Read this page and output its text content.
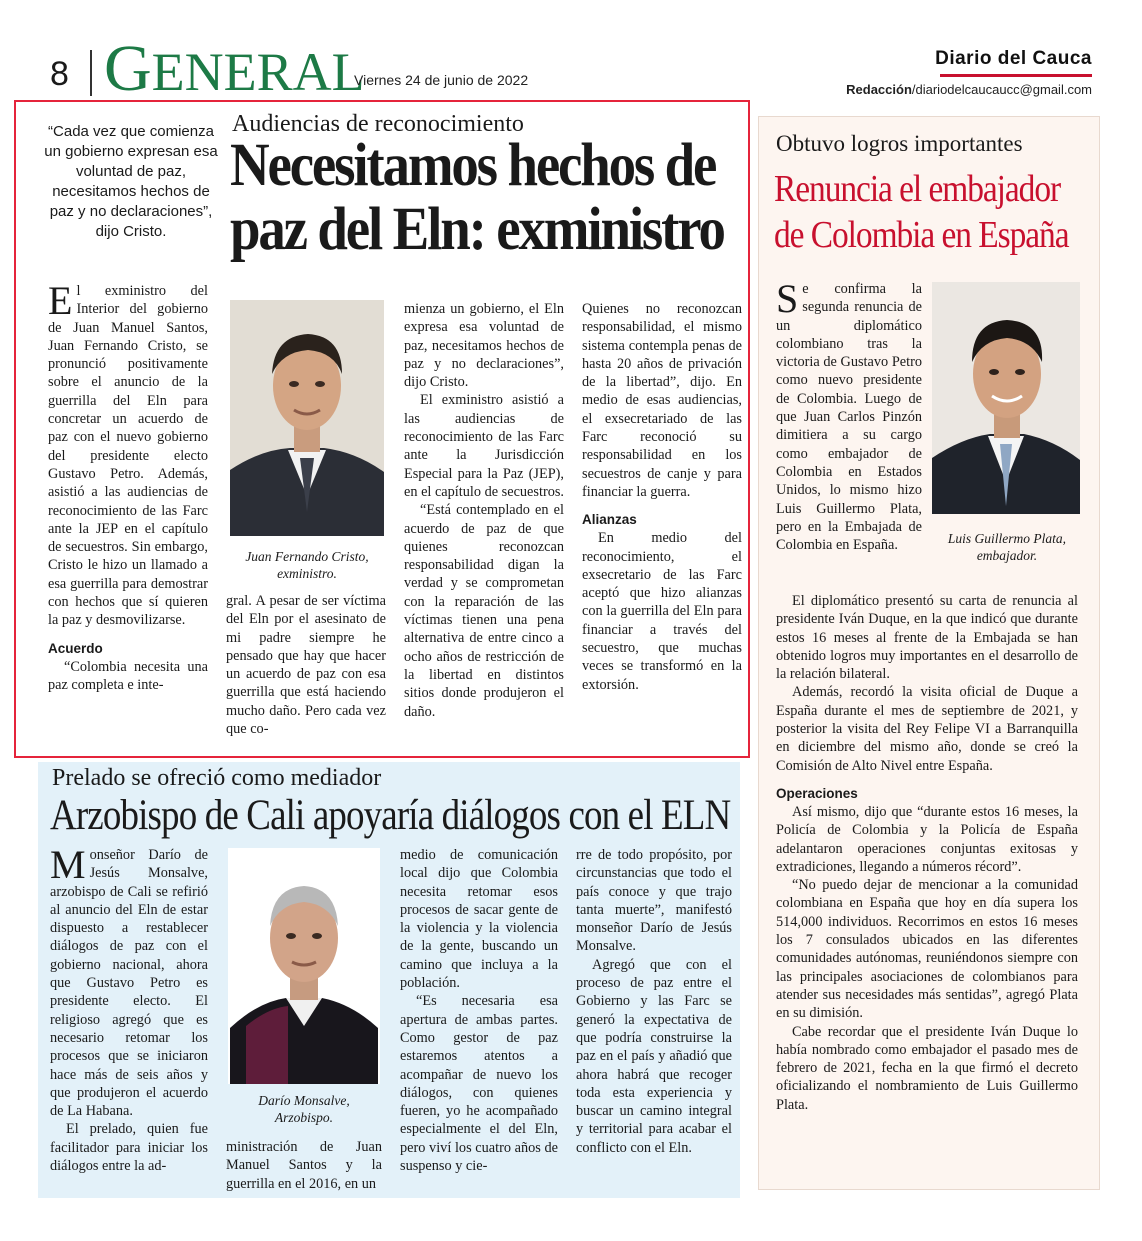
8 GENERAL
Viernes 24 de junio de 2022
Diario del Cauca
Redacción/diariodelcaucaucc@gmail.com
“Cada vez que comienza un gobierno expresan esa voluntad de paz, necesitamos hechos de paz y no declaraciones”, dijo Cristo.
Audiencias de reconocimiento
Necesitamos hechos de
paz del Eln: exministro

El exministro del Interior del gobierno de Juan Manuel Santos, Juan Fernando Cristo, se pronunció positivamente sobre el anuncio de la guerrilla del Eln para concretar un acuerdo de paz con el nuevo gobierno del presidente electo Gustavo Petro. Además, asistió a las audiencias de reconocimiento de las Farc ante la JEP en el capítulo de secuestros. Sin embargo, Cristo le hizo un llamado a esa guerrilla para demostrar con hechos que sí quieren la paz y desmovilizarse.

Acuerdo

“Colombia necesita una paz completa e inte-

Juan Fernando Cristo, exministro.

gral. A pesar de ser víctima del Eln por el asesinato de mi padre siempre he pensado que hay que hacer un acuerdo de paz con esa guerrilla que está haciendo mucho daño. Pero cada vez que co-

mienza un gobierno, el Eln expresa esa voluntad de paz, necesitamos hechos de paz y no declaraciones”, dijo Cristo.

El exministro asistió a las audiencias de reconocimiento de las Farc ante la Jurisdicción Especial para la Paz (JEP), en el capítulo de secuestros.

“Está contemplado en el acuerdo de paz de que quienes reconozcan responsabilidad digan la verdad y se comprometan con la reparación de las víctimas tienen una pena alternativa de entre cinco a ocho años de restricción de la libertad en distintos sitios donde produjeron el daño.

Quienes no reconozcan responsabilidad, el mismo sistema contempla penas de hasta 20 años de privación de la libertad”, dijo. En medio de esas audiencias, el exsecretariado de las Farc reconoció su responsabilidad en los secuestros de canje y para financiar la guerra.

Alianzas

En medio del reconocimiento, el exsecretario de las Farc aceptó que hizo alianzas con la guerrilla del Eln para financiar a través del secuestro, que muchas veces se transformó en la extorsión.

Obtuvo logros importantes
Renuncia el embajador
de Colombia en España

Se confirma la segunda renuncia de un diplomático colombiano tras la victoria de Gustavo Petro como nuevo presidente de Colombia. Luego de que Juan Carlos Pinzón dimitiera a su cargo como embajador de Colombia en Estados Unidos, lo mismo hizo Luis Guillermo Plata, pero en la Embajada de Colombia en España.	Luis Guillermo Plata, embajador.

El diplomático presentó su carta de renuncia al presidente Iván Duque, en la que indicó que durante estos 16 meses al frente de la Embajada se han obtenido logros muy importantes en el desarrollo de la relación bilateral.

Además, recordó la visita oficial de Duque a España durante el mes de septiembre de 2021, y posterior la visita del Rey Felipe VI a Barranquilla en diciembre del mismo año, donde se creó la Comisión de Alto Nivel entre España.

Operaciones

Así mismo, dijo que “durante estos 16 meses, la Policía de Colombia y la Policía de España adelantaron operaciones conjuntas exitosas y extradiciones, llegando a números récord”.

“No puedo dejar de mencionar a la comunidad colombiana en España que hoy en día supera los 514,000 individuos. Recorrimos en estos 16 meses los 7 consulados ubicados en las diferentes comunidades autónomas, reuniéndonos siempre con las principales asociaciones de colombianos para atender sus necesidades más sentidas”, agregó Plata en su dimisión.

Cabe recordar que el presidente Iván Duque lo había nombrado como embajador el pasado mes de febrero de 2021, fecha en la que firmó el decreto oficializando el nombramiento de Luis Guillermo Plata.

Prelado se ofreció como mediador
Arzobispo de Cali apoyaría diálogos con el ELN

Monseñor Darío de Jesús Monsalve, arzobispo de Cali se refirió al anuncio del Eln de estar dispuesto a restablecer diálogos de paz con el gobierno nacional, ahora que Gustavo Petro es presidente electo. El religioso agregó que es necesario retomar los procesos que se iniciaron hace más de seis años y que produjeron el acuerdo de La Habana.

El prelado, quien fue facilitador para iniciar los diálogos entre la ad-

Darío Monsalve, Arzobispo.

ministración de Juan Manuel Santos y la guerrilla en el 2016, en un

medio de comunicación local dijo que Colombia necesita retomar esos procesos de sacar gente de la violencia y la violencia de la gente, buscando un camino que incluya a la población.

“Es necesaria esa apertura de ambas partes. Como gestor de paz estaremos atentos a acompañar de nuevo los diálogos, con quienes fueren, yo he acompañado especialmente el del Eln, pero viví los cuatro años de suspenso y cie-

rre de todo propósito, por circunstancias que todo el país conoce y que trajo tanta muerte”, manifestó monseñor Darío de Jesús Monsalve.

Agregó que con el proceso de paz entre el Gobierno y las Farc se generó la expectativa de que podría construirse la paz en el país y añadió que ahora habrá que recoger toda esta experiencia y buscar un camino integral y territorial para acabar el conflicto con el Eln.
